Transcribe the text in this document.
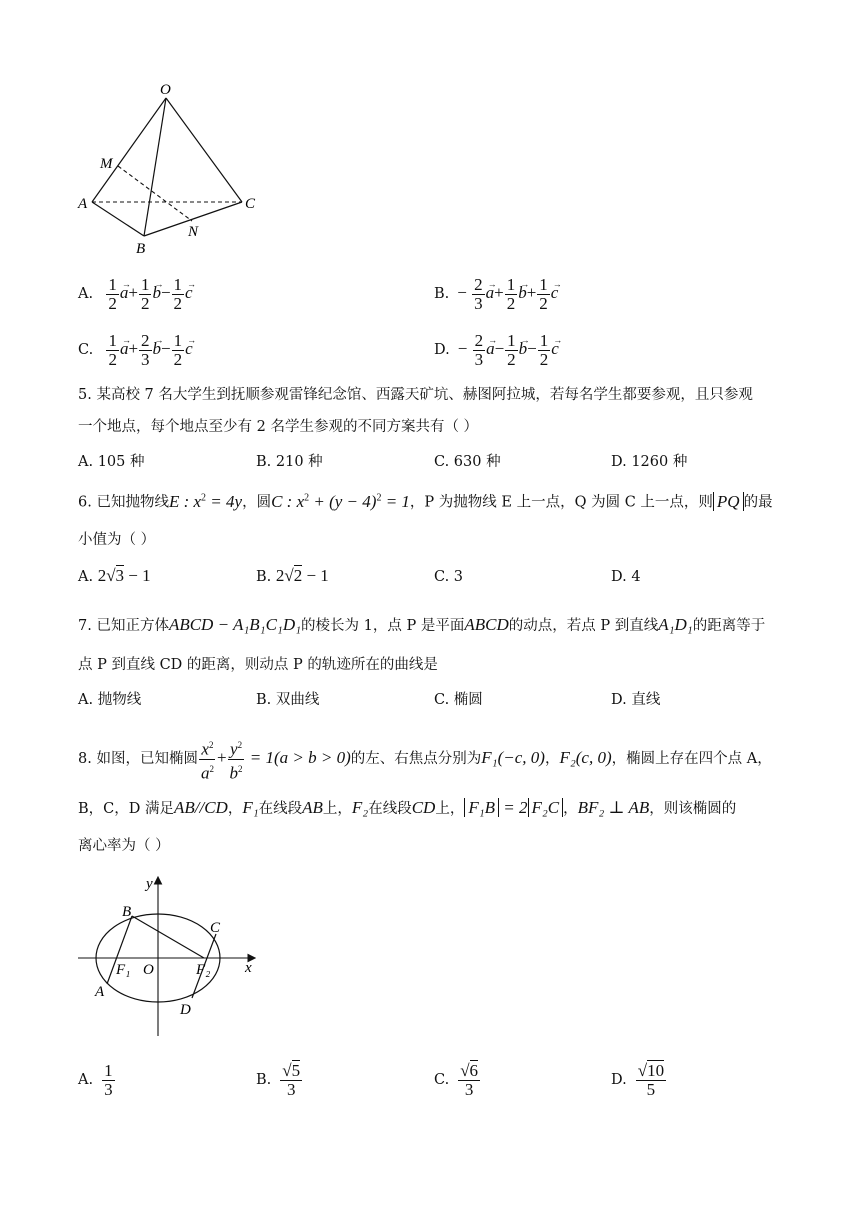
O
M
A	C
B
N
A. $\frac{1}{2}$
→ $a+ \frac{1}{2}$
→ $b- \frac{1}{2}$
→ c	B. − $\frac{2}{3}$
→ $a+ \frac{1}{2}$
→ $b+ \frac{1}{2}$
→ c
C. $\frac{1}{2}$
→ $a+ \frac{2}{3}$
→ $b- \frac{1}{2}$
→ c	D. − $\frac{2}{3}$
→ $a- \frac{1}{2}$
→ $b- \frac{1}{2}$
→ c
5. 某高校 7 名大学生到抚顺参观雷锋纪念馆、西露天矿坑、赫图阿拉城，若每名学生都要参观，且只参观
一个地点，每个地点至少有 2 名学生参观的不同方案共有（ ）
A. 105 种	B. 210 种	C. 630 种	D. 1260 种
6. 已知抛物线E : $x^2 = 4y$，圆C : $x^2 + (y - 4)^2 = 1$，P 为抛物线 E 上一点，Q 为圆 C 上一点，则 PQ 的最
小值为（ ）
A. 2√3 − 1	B. 2√2 − 1	C. 3	D. 4
7. 已知正方体ABCD − A₁B₁C₁D₁的棱长为 1，点 P 是平面ABCD的动点，若点 P 到直线A₁D₁的距离等于
点 P 到直线 CD 的距离，则动点 P 的轨迹所在的曲线是
A. 抛物线	B. 双曲线	C. 椭圆	D. 直线
8. 如图，已知椭圆 $\frac{x^2}{a^2} + \frac{y^2}{b^2} = 1(a > b > 0)$的左、右焦点分别为F₁(−c, 0)，F₂(c, 0)，椭圆上存在四个点 A，
B，C，D 满足AB//CD，F₁在线段AB上，F₂在线段CD上， F₁B = 2 F₂C ，BF₂ ⊥ AB，则该椭圆的
离心率为（ ）
y
x
O
B
C
A
D
F₁	F₂
A. $\frac{1}{3}$	B. $\frac{√5}{3}$	C. $\frac{√6}{3}$	D. $\frac{√10}{5}$
